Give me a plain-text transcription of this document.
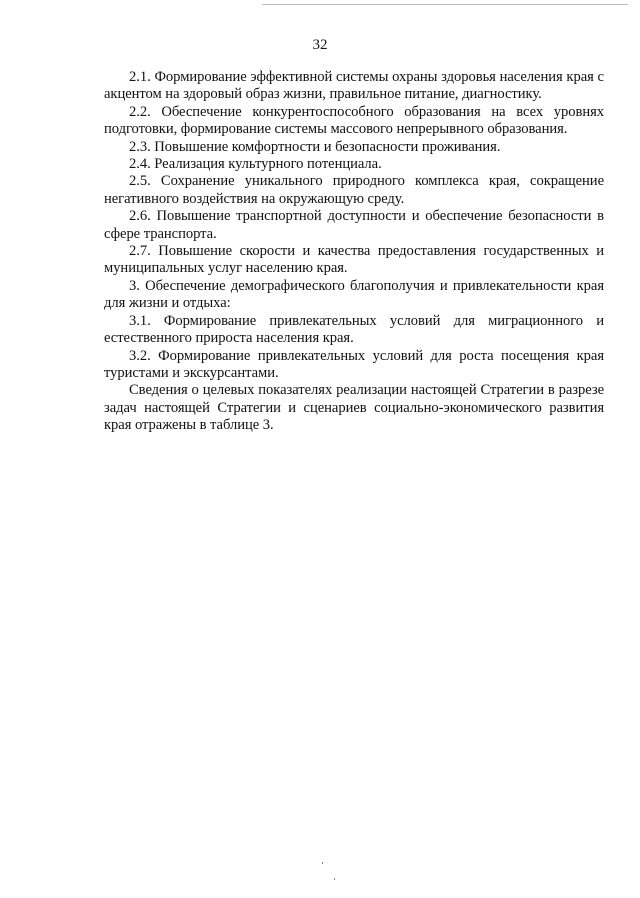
32

2.1. Формирование эффективной системы охраны здоровья населения края с акцентом на здоровый образ жизни, правильное питание, диагностику.

2.2. Обеспечение конкурентоспособного образования на всех уровнях подготовки, формирование системы массового непрерывного образования.

2.3. Повышение комфортности и безопасности проживания.

2.4. Реализация культурного потенциала.

2.5. Сохранение уникального природного комплекса края, сокращение негативного воздействия на окружающую среду.

2.6. Повышение транспортной доступности и обеспечение безопасности в сфере транспорта.

2.7. Повышение скорости и качества предоставления государственных и муниципальных услуг населению края.

3. Обеспечение демографического благополучия и привлекательности края для жизни и отдыха:

3.1. Формирование привлекательных условий для миграционного и естественного прироста населения края.

3.2. Формирование привлекательных условий для роста посещения края туристами и экскурсантами.

Сведения о целевых показателях реализации настоящей Стратегии в разрезе задач настоящей Стратегии и сценариев социально-экономического развития края отражены в таблице 3.
